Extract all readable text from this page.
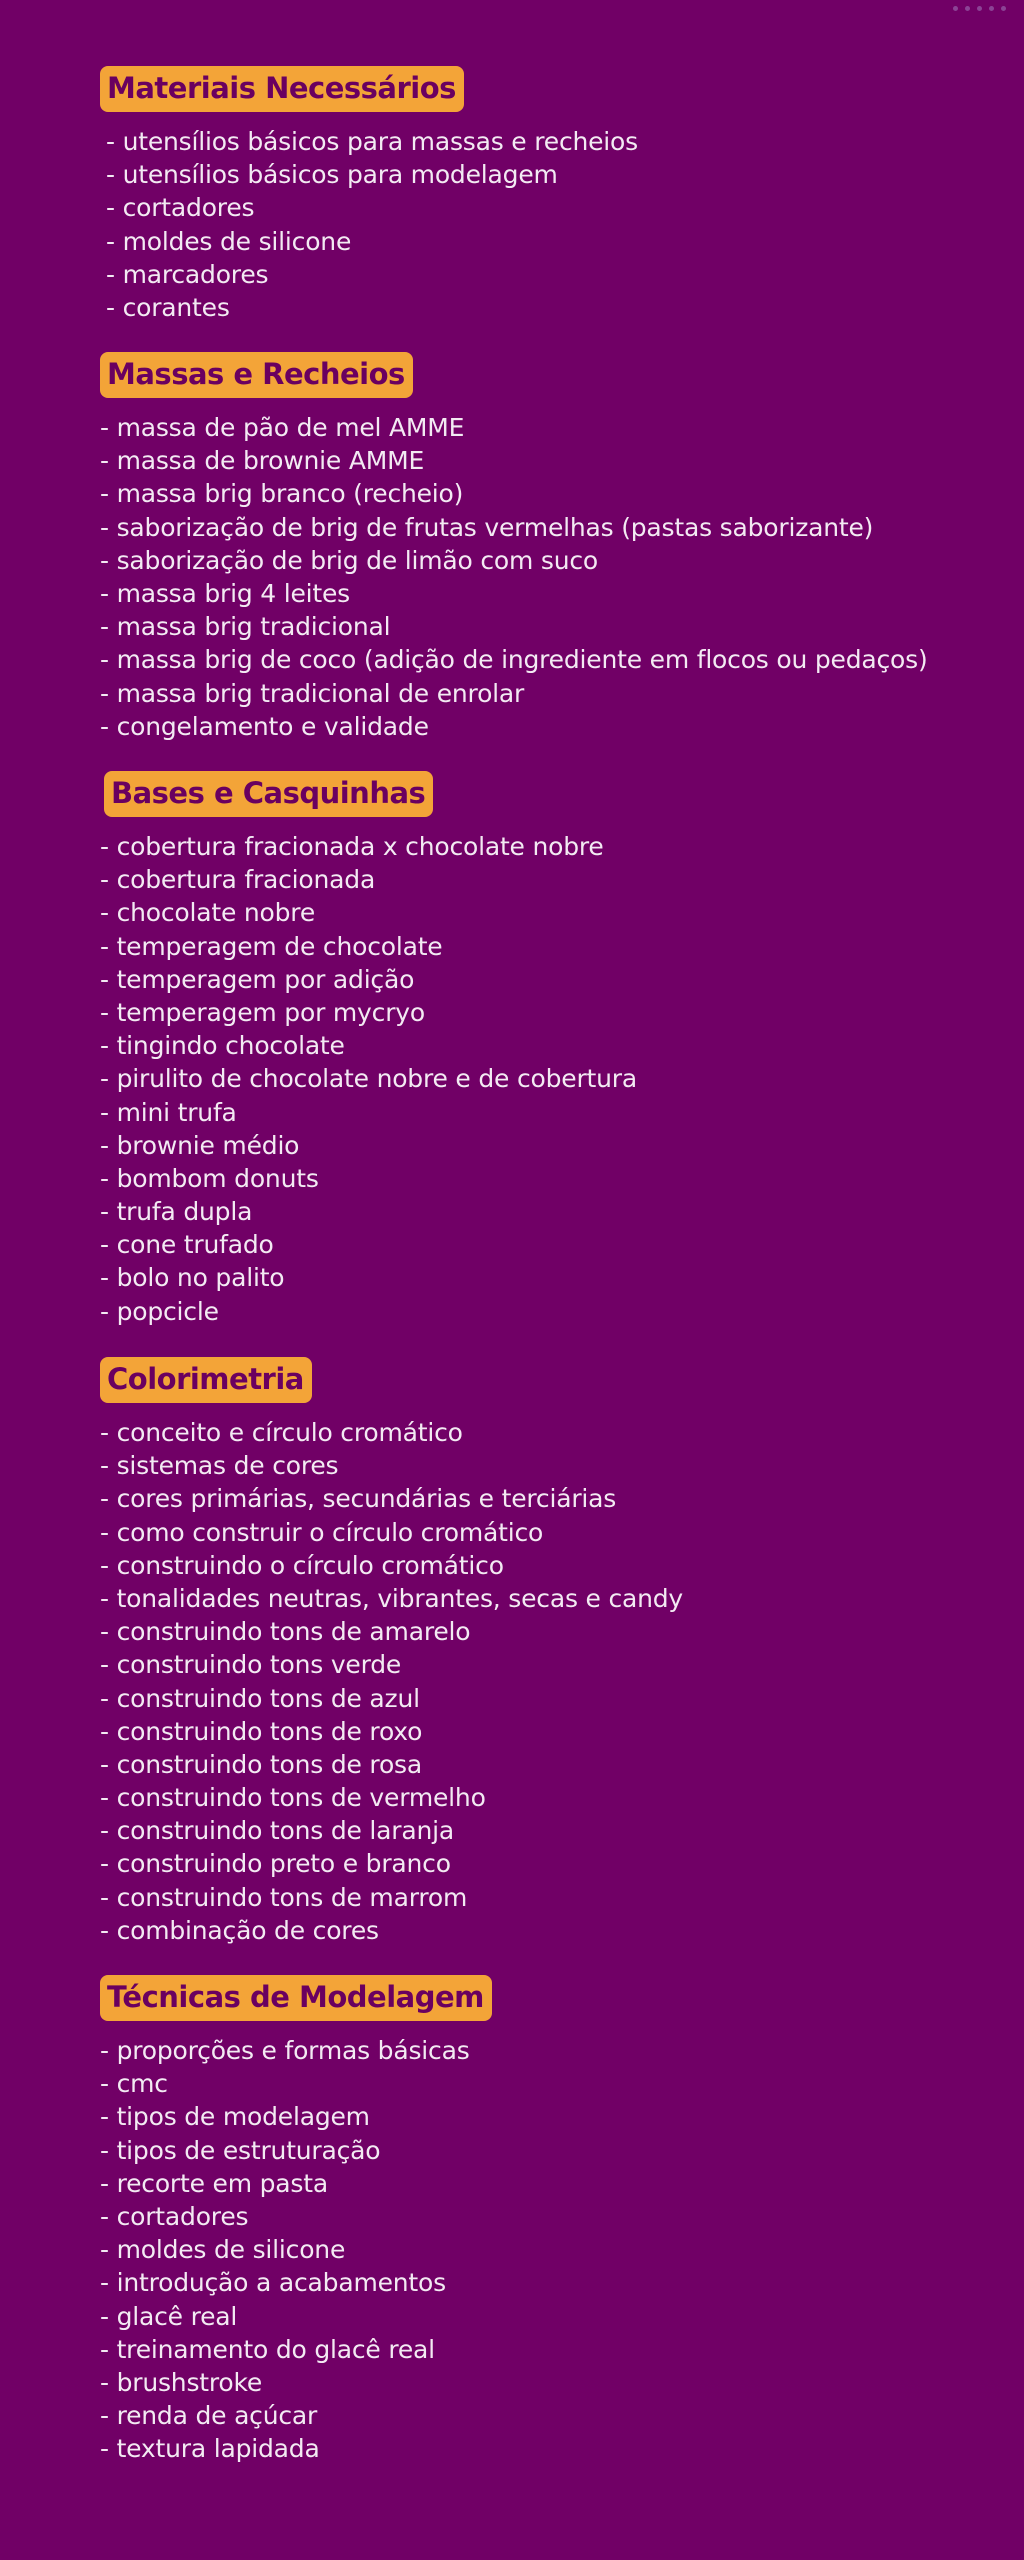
Materiais Necessários
- utensílios básicos para massas e recheios
- utensílios básicos para modelagem
- cortadores
- moldes de silicone
- marcadores
- corantes
Massas e Recheios
- massa de pão de mel AMME
- massa de brownie AMME
- massa brig branco (recheio)
- saborização de brig de frutas vermelhas (pastas saborizante)
- saborização de brig de limão com suco
- massa brig 4 leites
- massa brig tradicional
- massa brig de coco (adição de ingrediente em flocos ou pedaços)
- massa brig tradicional de enrolar
- congelamento e validade
Bases e Casquinhas
- cobertura fracionada x chocolate nobre
- cobertura fracionada
- chocolate nobre
- temperagem de chocolate
- temperagem por adição
- temperagem por mycryo
- tingindo chocolate
- pirulito de chocolate nobre e de cobertura
- mini trufa
- brownie médio
- bombom donuts
- trufa dupla
- cone trufado
- bolo no palito
- popcicle
Colorimetria
- conceito e círculo cromático
- sistemas de cores
- cores primárias, secundárias e terciárias
- como construir o círculo cromático
- construindo o círculo cromático
- tonalidades neutras, vibrantes, secas e candy
- construindo tons de amarelo
- construindo tons verde
- construindo tons de azul
- construindo tons de roxo
- construindo tons de rosa
- construindo tons de vermelho
- construindo tons de laranja
- construindo preto e branco
- construindo tons de marrom
- combinação de cores
Técnicas de Modelagem
- proporções e formas básicas
- cmc
- tipos de modelagem
- tipos de estruturação
- recorte em pasta
- cortadores
- moldes de silicone
- introdução a acabamentos
- glacê real
- treinamento do glacê real
- brushstroke
- renda de açúcar
- textura lapidada
